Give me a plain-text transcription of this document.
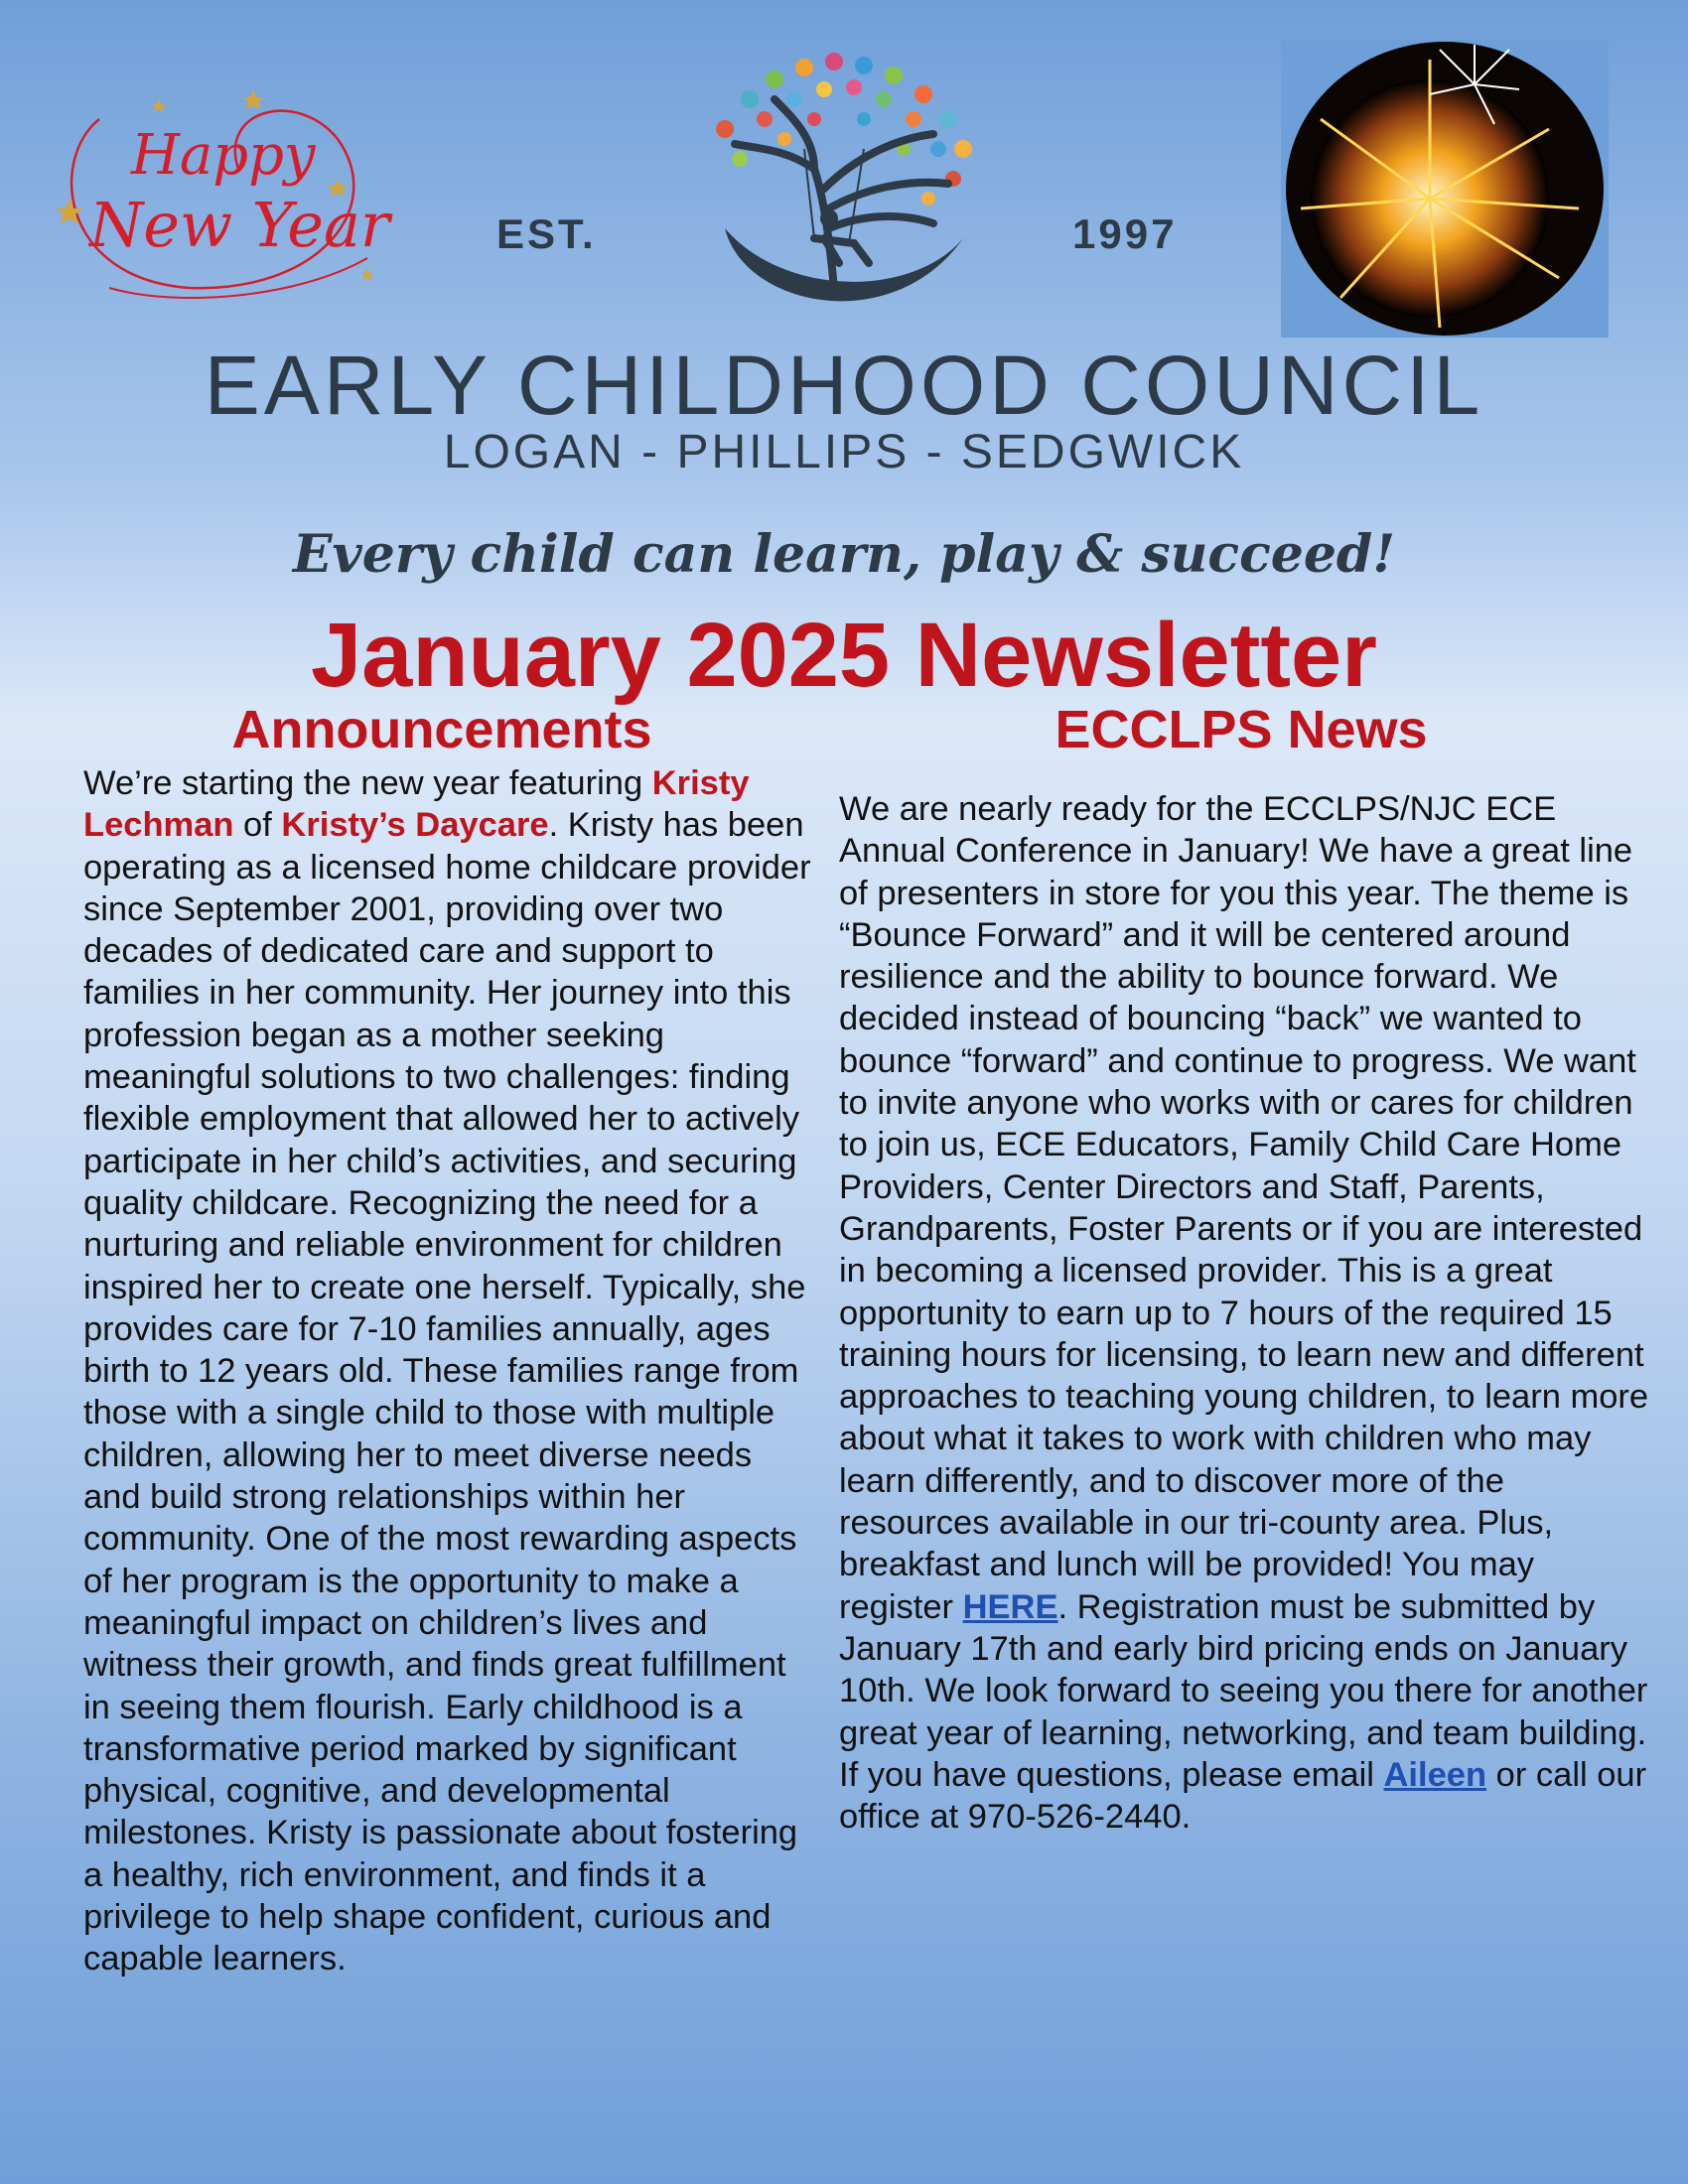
Happy
New Year	EST.	1997
EARLY CHILDHOOD COUNCIL
LOGAN - PHILLIPS - SEDGWICK
Every child can learn, play & succeed!
January 2025 Newsletter
Announcements	ECCLPS News
We’re starting the new year featuring Kristy Lechman of Kristy’s Daycare. Kristy has been operating as a licensed home childcare provider since September 2001, providing over two decades of dedicated care and support to families in her community. Her journey into this profession began as a mother seeking meaningful solutions to two challenges: finding flexible employment that allowed her to actively participate in her child’s activities, and securing quality childcare. Recognizing the need for a nurturing and reliable environment for children inspired her to create one herself. Typically, she provides care for 7-10 families annually, ages birth to 12 years old. These families range from those with a single child to those with multiple children, allowing her to meet diverse needs and build strong relationships within her community. One of the most rewarding aspects of her program is the opportunity to make a meaningful impact on children’s lives and witness their growth, and finds great fulfillment in seeing them flourish. Early childhood is a transformative period marked by significant physical, cognitive, and developmental milestones. Kristy is passionate about fostering a healthy, rich environment, and finds it a privilege to help shape confident, curious and capable learners.
We are nearly ready for the ECCLPS/NJC ECE Annual Conference in January! We have a great line of presenters in store for you this year. The theme is “Bounce Forward” and it will be centered around resilience and the ability to bounce forward. We decided instead of bouncing “back” we wanted to bounce “forward” and continue to progress. We want to invite anyone who works with or cares for children to join us, ECE Educators, Family Child Care Home Providers, Center Directors and Staff, Parents, Grandparents, Foster Parents or if you are interested in becoming a licensed provider. This is a great opportunity to earn up to 7 hours of the required 15 training hours for licensing, to learn new and different approaches to teaching young children, to learn more about what it takes to work with children who may learn differently, and to discover more of the resources available in our tri-county area. Plus, breakfast and lunch will be provided! You may register HERE. Registration must be submitted by January 17th and early bird pricing ends on January 10th. We look forward to seeing you there for another great year of learning, networking, and team building. If you have questions, please email Aileen or call our office at 970-526-2440.
